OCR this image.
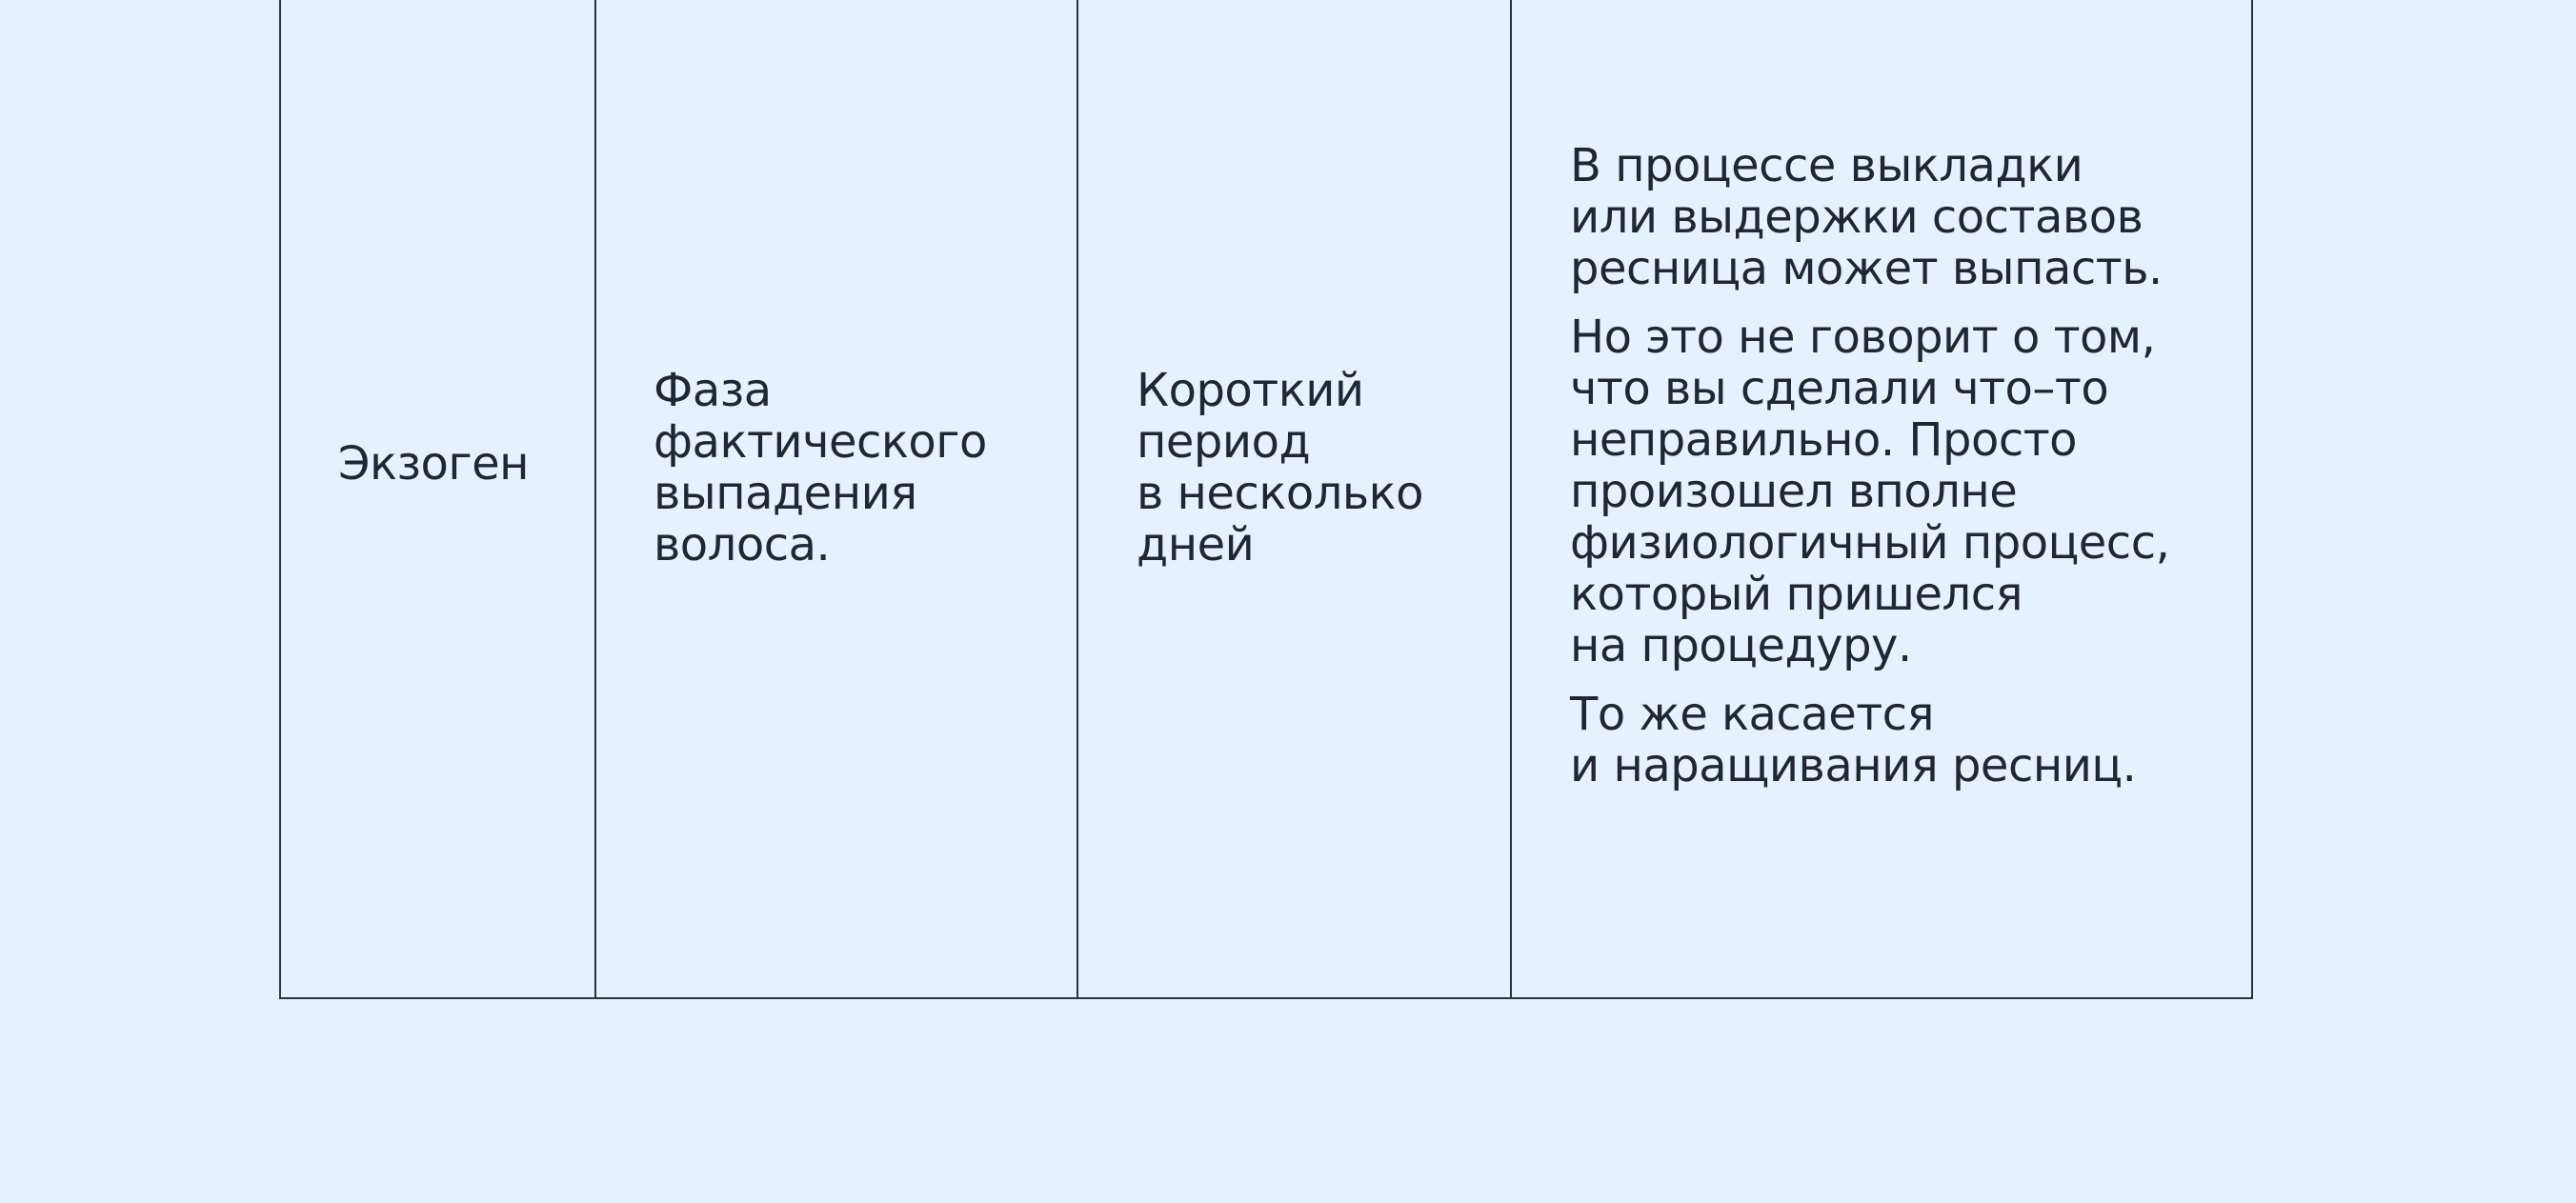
Экзоген
Фаза
фактического
выпадения
волоса.
Короткий
период
в несколько
дней
В процессе выкладки
или выдержки составов
ресница может выпасть.
Но это не говорит о том,
что вы сделали что–то
неправильно. Просто
произошел вполне
физиологичный процесс,
который пришелся
на процедуру.
То же касается
и наращивания ресниц.
